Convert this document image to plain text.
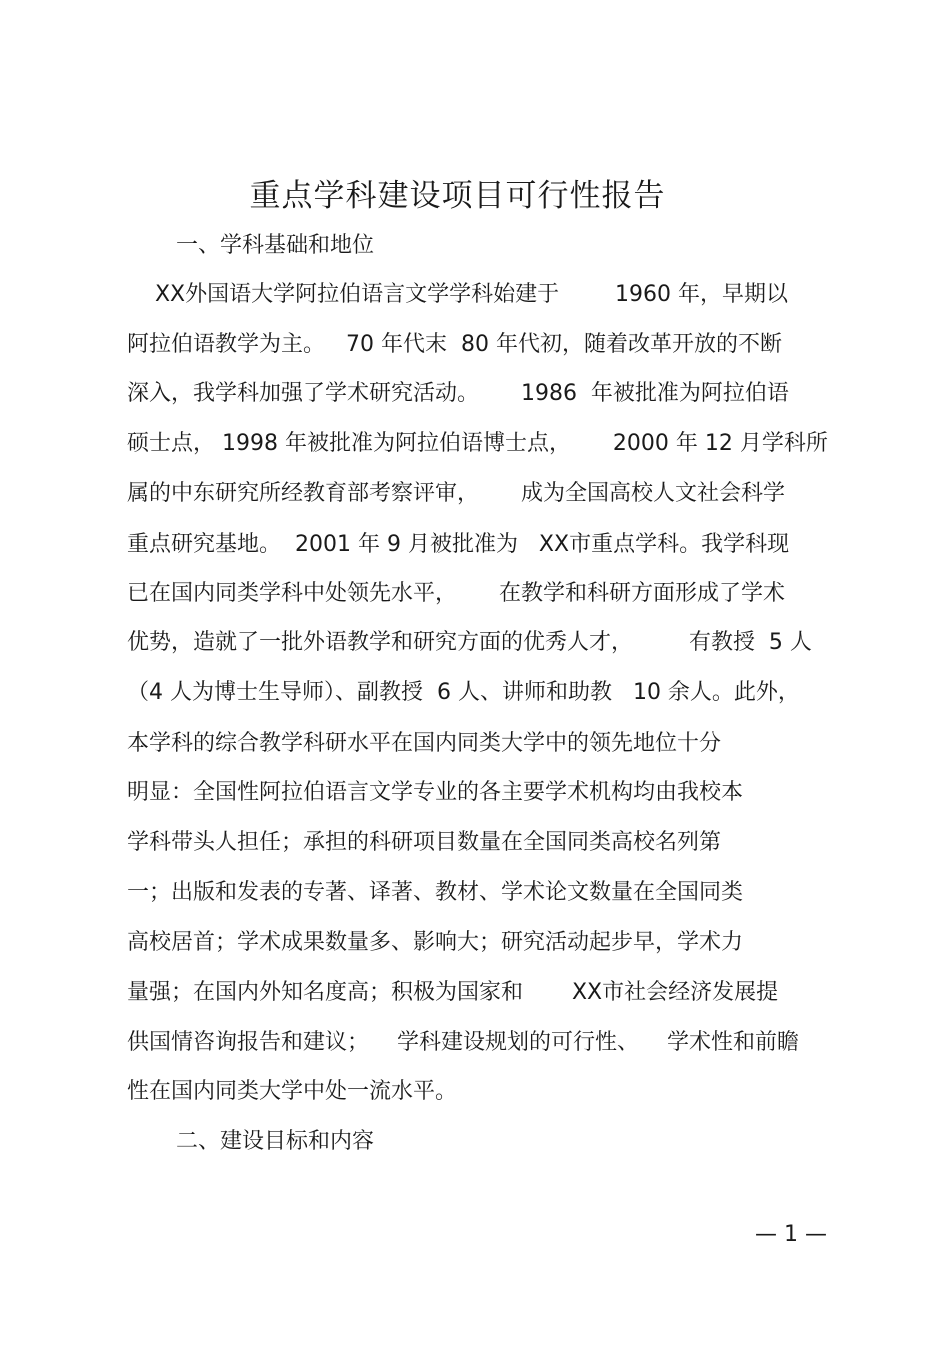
重点学科建设项目可行性报告
一、学科基础和地位
XX外国语大学阿拉伯语言文学学科始建于        1960 年，早期以
阿拉伯语教学为主。   70 年代末  80 年代初，随着改革开放的不断
深入，我学科加强了学术研究活动。      1986  年被批准为阿拉伯语
硕士点， 1998 年被批准为阿拉伯语博士点，      2000 年 12 月学科所
属的中东研究所经教育部考察评审，      成为全国高校人文社会科学
重点研究基地。  2001 年 9 月被批准为   XX市重点学科。我学科现
已在国内同类学科中处领先水平，      在教学和科研方面形成了学术
优势，造就了一批外语教学和研究方面的优秀人才，        有教授  5 人
（4 人为博士生导师）、副教授  6 人、讲师和助教   10 余人。此外，
本学科的综合教学科研水平在国内同类大学中的领先地位十分
明显：全国性阿拉伯语言文学专业的各主要学术机构均由我校本
学科带头人担任；承担的科研项目数量在全国同类高校名列第
一；出版和发表的专著、译著、教材、学术论文数量在全国同类
高校居首；学术成果数量多、影响大；研究活动起步早，学术力
量强；在国内外知名度高；积极为国家和       XX市社会经济发展提
供国情咨询报告和建议；    学科建设规划的可行性、    学术性和前瞻
性在国内同类大学中处一流水平。
二、建设目标和内容
— 1 —
